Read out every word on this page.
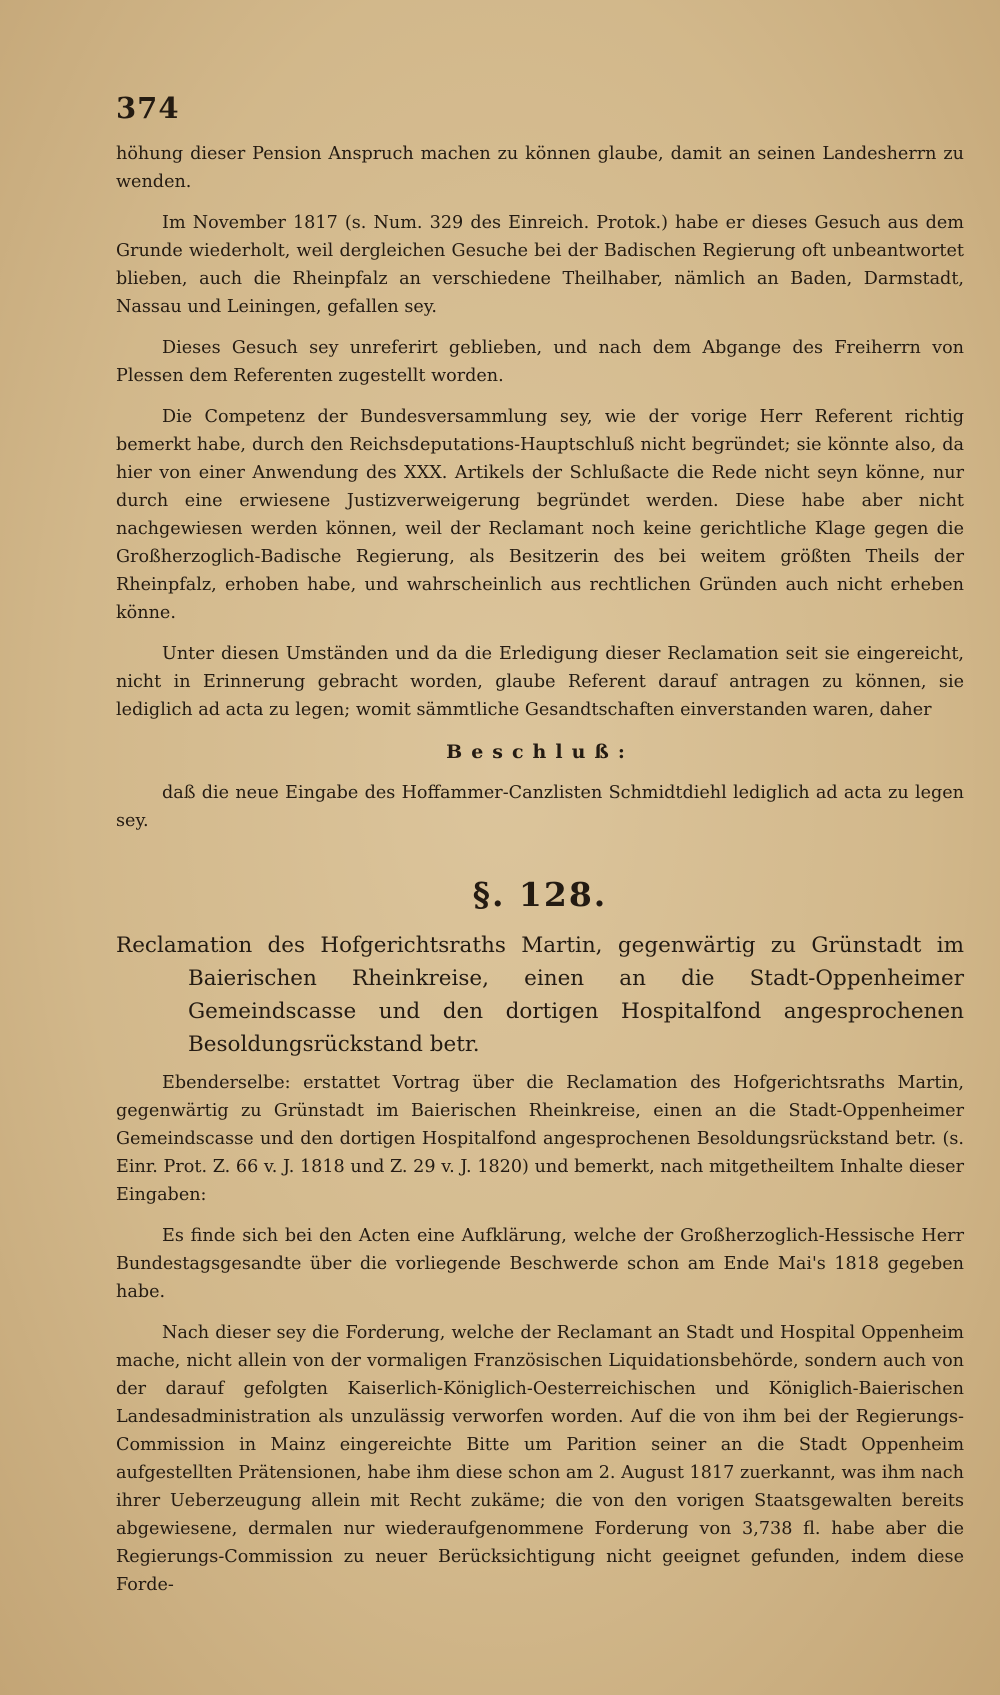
374

höhung dieser Pension Anspruch machen zu können glaube, damit an seinen Landesherrn zu wenden.

Im November 1817 (s. Num. 329 des Einreich. Protok.) habe er dieses Gesuch aus dem Grunde wiederholt, weil dergleichen Gesuche bei der Badischen Regierung oft unbeantwortet blieben, auch die Rheinpfalz an verschiedene Theilhaber, nämlich an Baden, Darmstadt, Nassau und Leiningen, gefallen sey.

Dieses Gesuch sey unreferirt geblieben, und nach dem Abgange des Freiherrn von Plessen dem Referenten zugestellt worden.

Die Competenz der Bundesversammlung sey, wie der vorige Herr Referent richtig bemerkt habe, durch den Reichsdeputations-Hauptschluß nicht begründet; sie könnte also, da hier von einer Anwendung des XXX. Artikels der Schlußacte die Rede nicht seyn könne, nur durch eine erwiesene Justizverweigerung begründet werden. Diese habe aber nicht nachgewiesen werden können, weil der Reclamant noch keine gerichtliche Klage gegen die Großherzoglich-Badische Regierung, als Besitzerin des bei weitem größten Theils der Rheinpfalz, erhoben habe, und wahrscheinlich aus rechtlichen Gründen auch nicht erheben könne.

Unter diesen Umständen und da die Erledigung dieser Reclamation seit sie eingereicht, nicht in Erinnerung gebracht worden, glaube Referent darauf antragen zu können, sie lediglich ad acta zu legen; womit sämmtliche Gesandtschaften einverstanden waren, daher

Beschluß:

daß die neue Eingabe des Hoffammer-Canzlisten Schmidtdiehl lediglich ad acta zu legen sey.

§. 128.
Reclamation des Hofgerichtsraths Martin, gegenwärtig zu Grünstadt im Baierischen Rheinkreise, einen an die Stadt-Oppenheimer Gemeindscasse und den dortigen Hospitalfond angesprochenen Besoldungsrückstand betr.

Ebenderselbe: erstattet Vortrag über die Reclamation des Hofgerichtsraths Martin, gegenwärtig zu Grünstadt im Baierischen Rheinkreise, einen an die Stadt-Oppenheimer Gemeindscasse und den dortigen Hospitalfond angesprochenen Besoldungsrückstand betr. (s. Einr. Prot. Z. 66 v. J. 1818 und Z. 29 v. J. 1820) und bemerkt, nach mitgetheiltem Inhalte dieser Eingaben:

Es finde sich bei den Acten eine Aufklärung, welche der Großherzoglich-Hessische Herr Bundestagsgesandte über die vorliegende Beschwerde schon am Ende Mai's 1818 gegeben habe.

Nach dieser sey die Forderung, welche der Reclamant an Stadt und Hospital Oppenheim mache, nicht allein von der vormaligen Französischen Liquidationsbehörde, sondern auch von der darauf gefolgten Kaiserlich-Königlich-Oesterreichischen und Königlich-Baierischen Landesadministration als unzulässig verworfen worden. Auf die von ihm bei der Regierungs-Commission in Mainz eingereichte Bitte um Parition seiner an die Stadt Oppenheim aufgestellten Prätensionen, habe ihm diese schon am 2. August 1817 zuerkannt, was ihm nach ihrer Ueberzeugung allein mit Recht zukäme; die von den vorigen Staatsgewalten bereits abgewiesene, dermalen nur wiederaufgenommene Forderung von 3,738 fl. habe aber die Regierungs-Commission zu neuer Berücksichtigung nicht geeignet gefunden, indem diese Forde-
